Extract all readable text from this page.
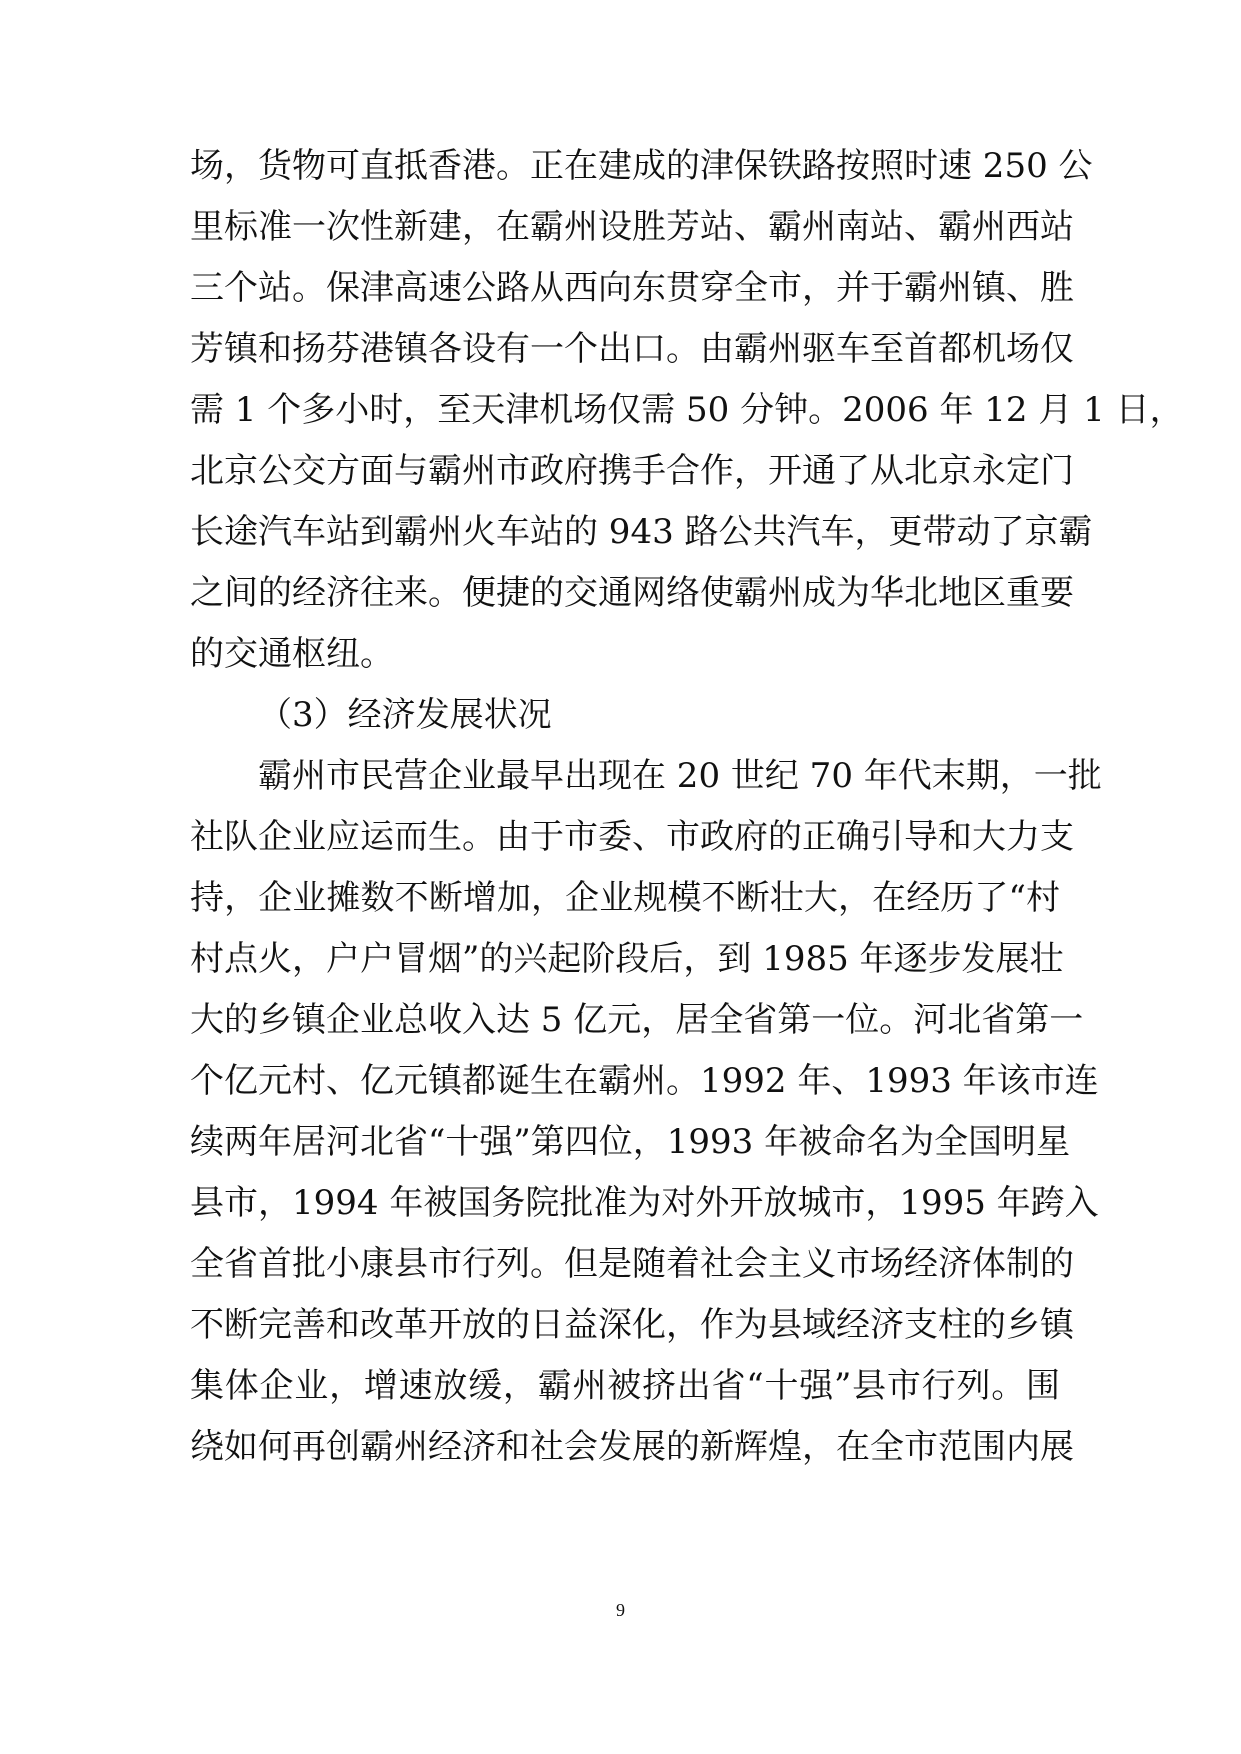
场，货物可直抵香港。正在建成的津保铁路按照时速 250 公
里标准一次性新建，在霸州设胜芳站、霸州南站、霸州西站
三个站。保津高速公路从西向东贯穿全市，并于霸州镇、胜
芳镇和扬芬港镇各设有一个出口。由霸州驱车至首都机场仅
需 1 个多小时，至天津机场仅需 50 分钟。2006 年 12 月 1 日，
北京公交方面与霸州市政府携手合作，开通了从北京永定门
长途汽车站到霸州火车站的 943 路公共汽车，更带动了京霸
之间的经济往来。便捷的交通网络使霸州成为华北地区重要
的交通枢纽。
（3）经济发展状况
霸州市民营企业最早出现在 20 世纪 70 年代末期，一批
社队企业应运而生。由于市委、市政府的正确引导和大力支
持，企业摊数不断增加，企业规模不断壮大，在经历了“村
村点火，户户冒烟”的兴起阶段后，到 1985 年逐步发展壮
大的乡镇企业总收入达 5 亿元，居全省第一位。河北省第一
个亿元村、亿元镇都诞生在霸州。1992 年、1993 年该市连
续两年居河北省“十强”第四位，1993 年被命名为全国明星
县市，1994 年被国务院批准为对外开放城市，1995 年跨入
全省首批小康县市行列。但是随着社会主义市场经济体制的
不断完善和改革开放的日益深化，作为县域经济支柱的乡镇
集体企业，增速放缓，霸州被挤出省“十强”县市行列。围
绕如何再创霸州经济和社会发展的新辉煌，在全市范围内展
9
